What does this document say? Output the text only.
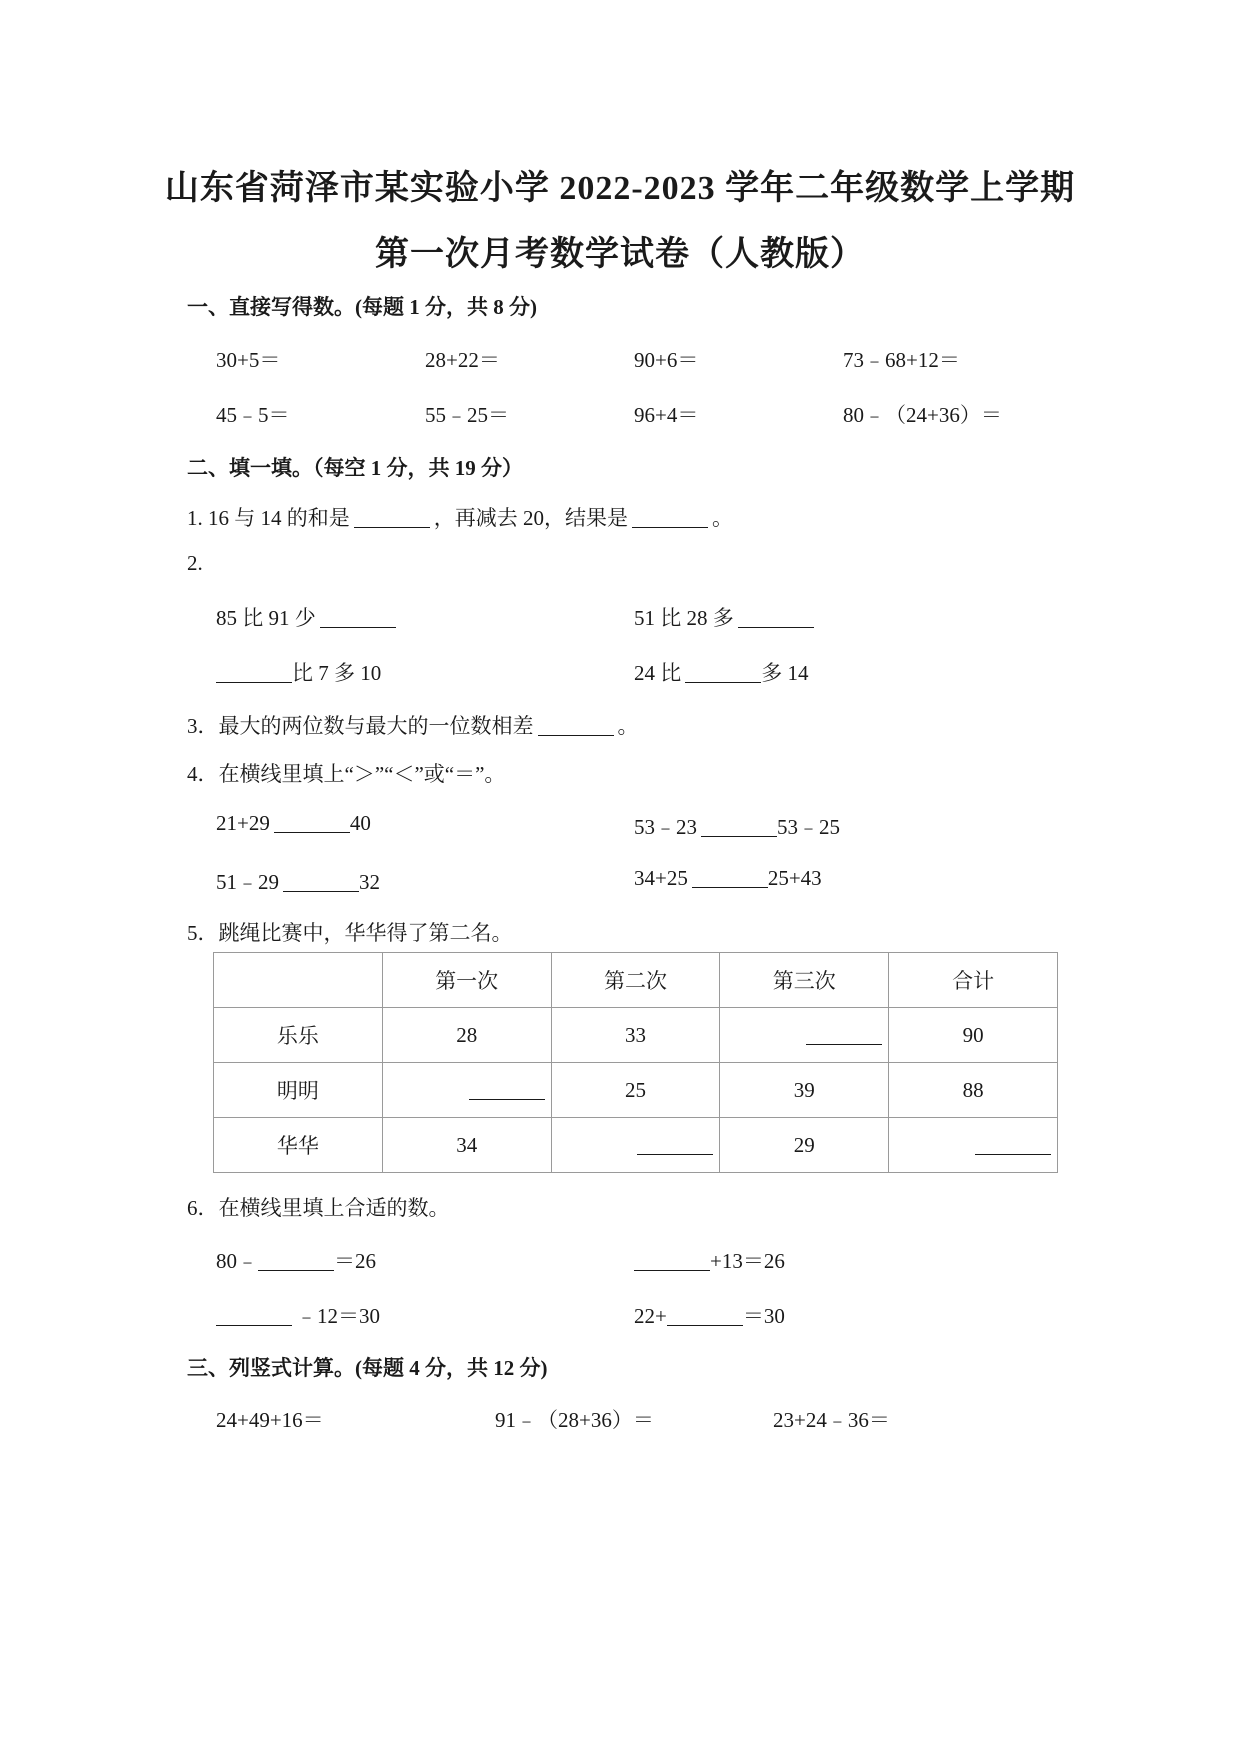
山东省菏泽市某实验小学 2022-2023 学年二年级数学上学期
第一次月考数学试卷（人教版）
一、直接写得数。(每题 1 分，共 8 分)
30+5＝	28+22＝	90+6＝	73﹣68+12＝
45﹣5＝	55﹣25＝	96+4＝	80﹣（24+36）＝
二、填一填。（每空 1 分，共 19 分）
1. 16 与 14 的和是	，再减去 20，结果是	。
2.
85 比 91 少	51 比 28 多
比 7 多 10	24 比	多 14
3．最大的两位数与最大的一位数相差	。
4．在横线里填上“＞”“＜”或“＝”。
21+29	40	53﹣23	53﹣25
51﹣29	32	34+25	25+43
5．跳绳比赛中，华华得了第二名。
	第一次	第二次	第三次	合计
乐乐	28	33		90
明明		25	39	88
华华	34		29	
6．在横线里填上合适的数。
80﹣	＝26	+13＝26
﹣12＝30	22+	＝30
三、列竖式计算。(每题 4 分，共 12 分)
24+49+16＝	91﹣（28+36）＝	23+24﹣36＝
